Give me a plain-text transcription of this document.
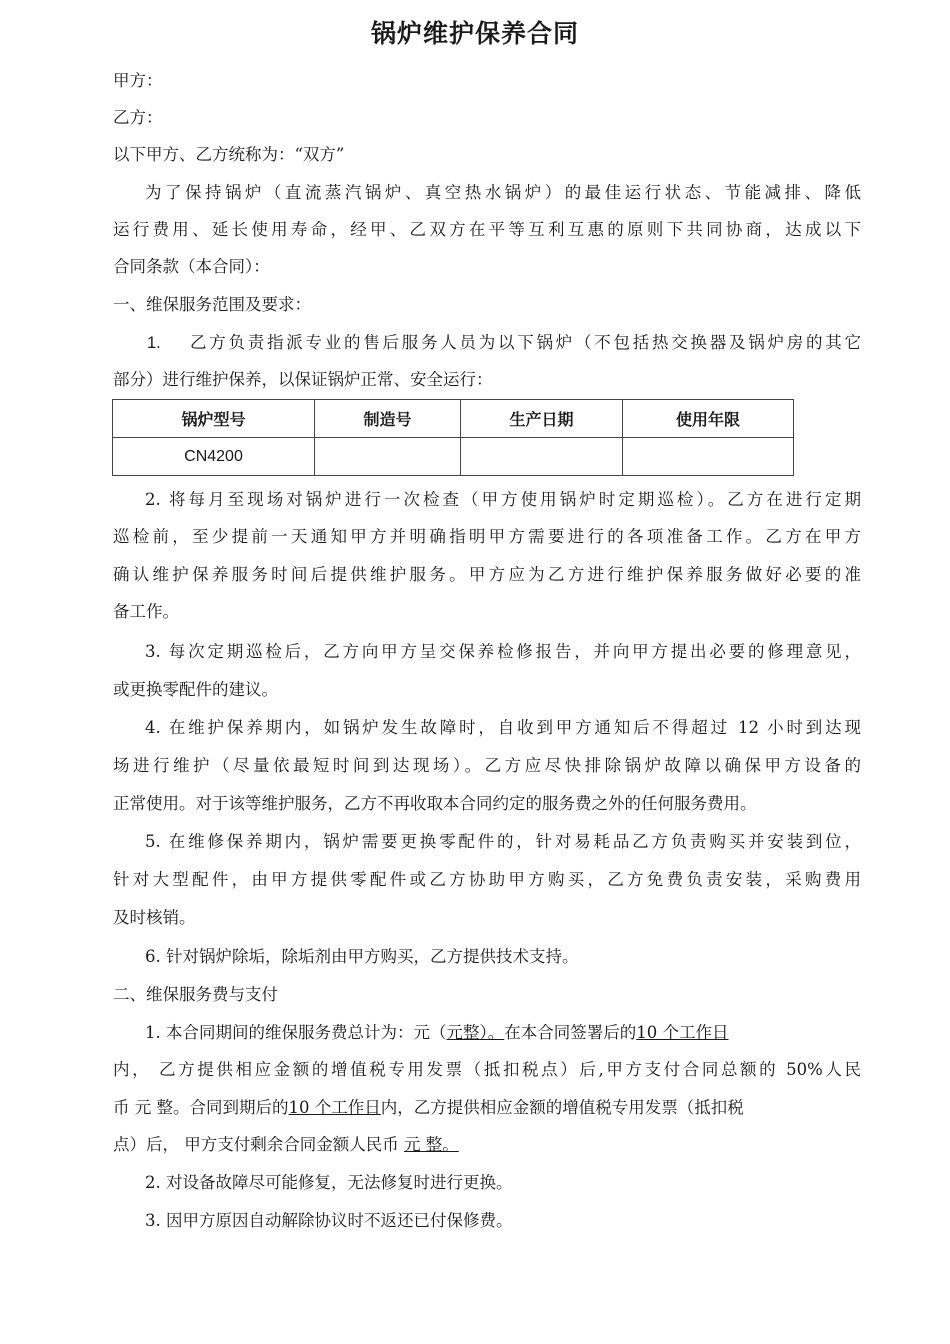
锅炉维护保养合同

甲方：

乙方：

以下甲方、乙方统称为：“双方”

为了保持锅炉（直流蒸汽锅炉、真空热水锅炉）的最佳运行状态、节能减排、降低

运行费用、延长使用寿命，经甲、乙双方在平等互利互惠的原则下共同协商，达成以下

合同条款（本合同）：

一、维保服务范围及要求：

1.	乙方负责指派专业的售后服务人员为以下锅炉（不包括热交换器及锅炉房的其它

部分）进行维护保养，以保证锅炉正常、安全运行：

锅炉型号	制造号	生产日期	使用年限
CN4200			

2. 将每月至现场对锅炉进行一次检查（甲方使用锅炉时定期巡检）。乙方在进行定期

巡检前，至少提前一天通知甲方并明确指明甲方需要进行的各项准备工作。乙方在甲方

确认维护保养服务时间后提供维护服务。甲方应为乙方进行维护保养服务做好必要的准

备工作。

3. 每次定期巡检后，乙方向甲方呈交保养检修报告，并向甲方提出必要的修理意见，

或更换零配件的建议。

4. 在维护保养期内，如锅炉发生故障时，自收到甲方通知后不得超过 12 小时到达现

场进行维护（尽量依最短时间到达现场）。乙方应尽快排除锅炉故障以确保甲方设备的

正常使用。对于该等维护服务，乙方不再收取本合同约定的服务费之外的任何服务费用。

5. 在维修保养期内，锅炉需要更换零配件的，针对易耗品乙方负责购买并安装到位，

针对大型配件，由甲方提供零配件或乙方协助甲方购买，乙方免费负责安装，采购费用

及时核销。

6. 针对锅炉除垢，除垢剂由甲方购买，乙方提供技术支持。

二、维保服务费与支付

1. 本合同期间的维保服务费总计为：元（元整）。在本合同签署后的10 个工作日

内， 乙方提供相应金额的增值税专用发票（抵扣税点）后,甲方支付合同总额的 50%人民

币 元 整。合同到期后的10 个工作日内，乙方提供相应金额的增值税专用发票（抵扣税

点）后， 甲方支付剩余合同金额人民币 元 整。

2. 对设备故障尽可能修复，无法修复时进行更换。

3. 因甲方原因自动解除协议时不返还已付保修费。
